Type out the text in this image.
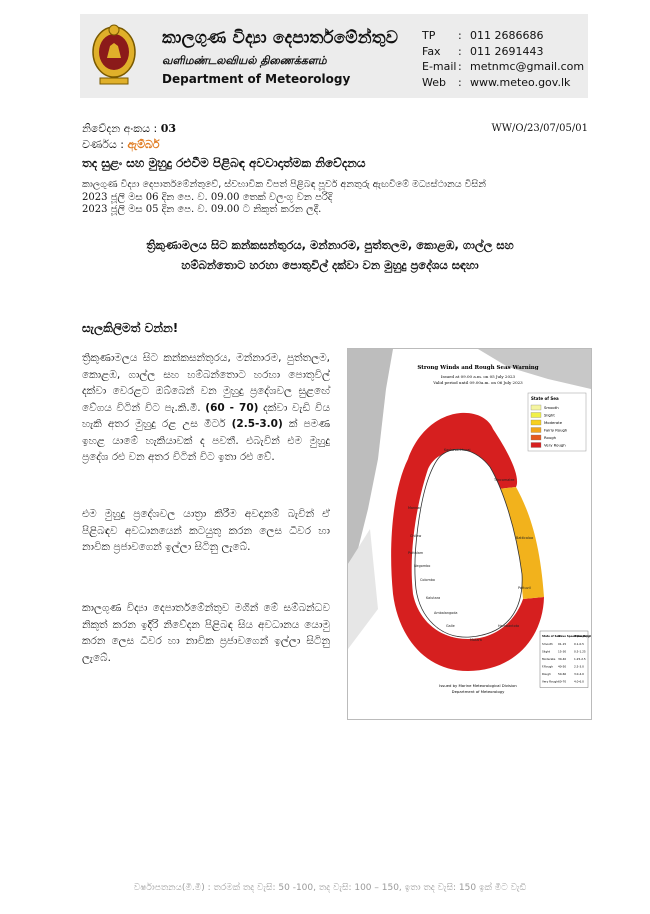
කාලගුණ විද්‍යා දෙපාර්තමේන්තුව
வளிமண்டலவியல் திணைக்களம்
Department of Meteorology
TP	: 011 2686686
Fax	: 011 2691443
E-mail : metnmc@gmail.com
Web	: www.meteo.gov.lk
නිවේදන අංකය : 03
වර්ණය : ඇම්බර්
WW/O/23/07/05/01
තද සුළං සහ මුහුදු රළුවීම පිළිබඳ අවවාදාත්මක නිවේදනය
කාලගුණ විද්‍යා දෙපාර්තමේන්තුවේ, ස්වභාවික විපත් පිළිබඳ පූර්ව අනතුරු ඇඟවීමේ මධ්‍යස්ථානය විසින්
2023 ජූලි මස 06 දින පෙ. ව. 09.00 තෙක් වලංගු වන පරිදි
2023 ජූලි මස 05 දින පෙ. ව. 09.00 ට නිකුත් කරන ලදී.
ත්‍රිකුණාමලය සිට කන්කසන්තුරය, මන්නාරම, පුත්තලම, කොළඹ, ගාල්ල සහ
හම්බන්තොට හරහා පොතුවිල් දක්වා වන මුහුදු ප්‍රදේශය සඳහා
සැලකිලිමත් වන්න!
ත්‍රිකුණාමලය සිට කන්කසන්තුරය, මන්නාරම, පුත්තලම, කොළඹ, ගාල්ල සහ හම්බන්තොට හරහා පොතුවිල් දක්වා වෙරළට ඔබ්බෙන් වන මුහුදු ප්‍රදේශවල සුළඟේ වේගය විටින් විට පැ.කි.මී. (60 - 70) දක්වා වැඩි විය හැකි අතර මුහුදු රළ උස මීටර් (2.5-3.0) ක් පමණ ඉහළ යාමේ හැකියාවක් ද පවතී. එබැවින් එම මුහුදු ප්‍රදේශ රළු වන අතර විටින් විට ඉතා රළු වේ.
එම මුහුදු ප්‍රදේශවල යාත්‍රා කිරීම අවදානම් බැවින් ඒ පිළිබඳව අවධානයෙන් කටයුතු කරන ලෙස ධීවර හා නාවික ප්‍රජාවගෙන් ඉල්ලා සිටිනු ලැබේ.
කාලගුණ විද්‍යා දෙපාර්තමේන්තුව මගින් මේ සම්බන්ධව නිකුත් කරන ඉදිරි නිවේදන පිළිබඳ සිය අවධානය යොමු කරන ලෙස ධීවර හා නාවික ප්‍රජාවගෙන් ඉල්ලා සිටිනු ලැබේ.
Strong Winds and Rough Seas Warning
Issued at 09.00 a.m. on 05 July 2023
Valid period until 09.00a.m. on 06 July 2023
State of Sea
Smooth
Slight
Moderate
Fairly Rough
Rough
Very Rough
State of Sea
Wave Speed (kmph)
Wave Heig
Smooth 01-15	0.1-0.5
Slight	15-30	0.5-1.25
Moderate 30-40	1.25-2.5
F.Rough 40-50	2.5-3.0
Rough	50-60	3.0-4.0
Very Rough 60-70	4.0-6.0
Issued by Marine Meteorological Division
Department of Meteorology
Kankasanthurai
Trincomalee
Mannar
Batticaloa
Puttalam
Pottuvil
Colombo
Galle	Hambantota
Negombo
Chilaw
Kalutara
Ambalangoda
Matara
වර්ෂාපතනය(මි.මී) : තරමක් තද වැසි: 50 -100, තද වැසි: 100 – 150, ඉතා තද වැසි: 150 ඉක් මීට වැඩි
